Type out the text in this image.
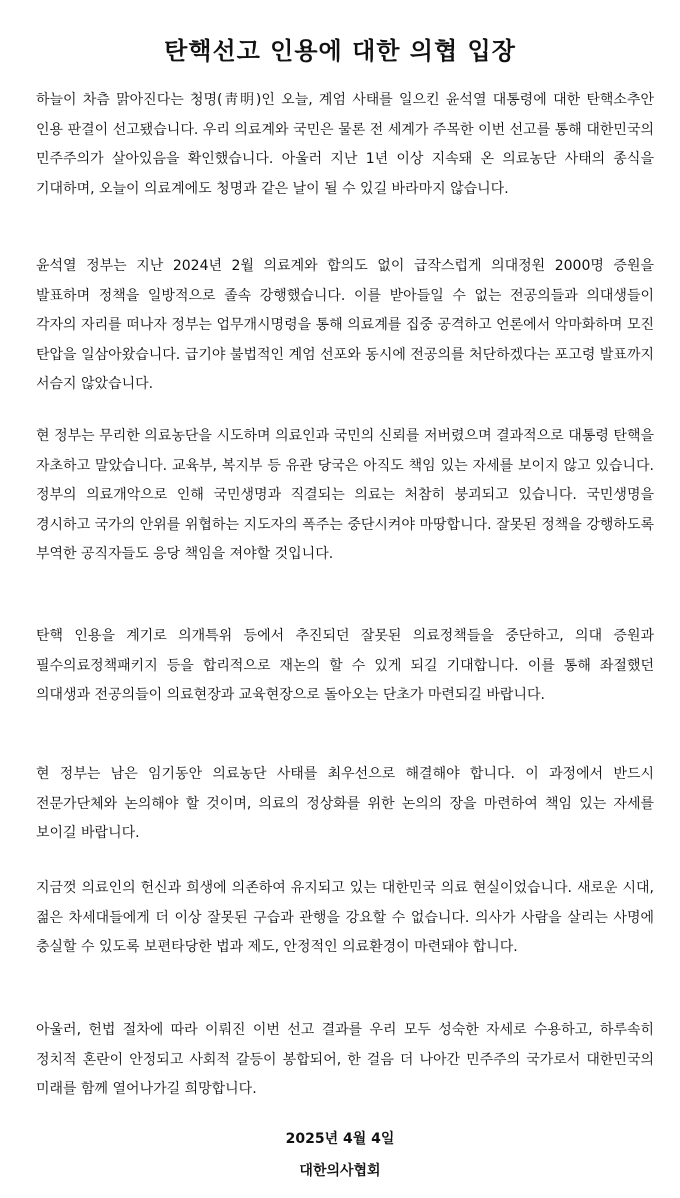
탄핵선고 인용에 대한 의협 입장

하늘이 차츰 맑아진다는 청명(靑明)인 오늘, 계엄 사태를 일으킨 윤석열 대통령에 대한 탄핵소추안 인용 판결이 선고됐습니다. 우리 의료계와 국민은 물론 전 세계가 주목한 이번 선고를 통해 대한민국의 민주주의가 살아있음을 확인했습니다. 아울러 지난 1년 이상 지속돼 온 의료농단 사태의 종식을 기대하며, 오늘이 의료계에도 청명과 같은 날이 될 수 있길 바라마지 않습니다.

윤석열 정부는 지난 2024년 2월 의료계와 합의도 없이 급작스럽게 의대정원 2000명 증원을 발표하며 정책을 일방적으로 졸속 강행했습니다. 이를 받아들일 수 없는 전공의들과 의대생들이 각자의 자리를 떠나자 정부는 업무개시명령을 통해 의료계를 집중 공격하고 언론에서 악마화하며 모진 탄압을 일삼아왔습니다. 급기야 불법적인 계엄 선포와 동시에 전공의를 처단하겠다는 포고령 발표까지 서슴지 않았습니다.

현 정부는 무리한 의료농단을 시도하며 의료인과 국민의 신뢰를 저버렸으며 결과적으로 대통령 탄핵을 자초하고 말았습니다. 교육부, 복지부 등 유관 당국은 아직도 책임 있는 자세를 보이지 않고 있습니다. 정부의 의료개악으로 인해 국민생명과 직결되는 의료는 처참히 붕괴되고 있습니다. 국민생명을 경시하고 국가의 안위를 위협하는 지도자의 폭주는 중단시켜야 마땅합니다. 잘못된 정책을 강행하도록 부역한 공직자들도 응당 책임을 져야할 것입니다.

탄핵 인용을 계기로 의개특위 등에서 추진되던 잘못된 의료정책들을 중단하고, 의대 증원과 필수의료정책패키지 등을 합리적으로 재논의 할 수 있게 되길 기대합니다. 이를 통해 좌절했던 의대생과 전공의들이 의료현장과 교육현장으로 돌아오는 단초가 마련되길 바랍니다.

현 정부는 남은 임기동안 의료농단 사태를 최우선으로 해결해야 합니다. 이 과정에서 반드시 전문가단체와 논의해야 할 것이며, 의료의 정상화를 위한 논의의 장을 마련하여 책임 있는 자세를 보이길 바랍니다.

지금껏 의료인의 헌신과 희생에 의존하여 유지되고 있는 대한민국 의료 현실이었습니다. 새로운 시대, 젊은 차세대들에게 더 이상 잘못된 구습과 관행을 강요할 수 없습니다. 의사가 사람을 살리는 사명에 충실할 수 있도록 보편타당한 법과 제도, 안정적인 의료환경이 마련돼야 합니다.

아울러, 헌법 절차에 따라 이뤄진 이번 선고 결과를 우리 모두 성숙한 자세로 수용하고, 하루속히 정치적 혼란이 안정되고 사회적 갈등이 봉합되어, 한 걸음 더 나아간 민주주의 국가로서 대한민국의 미래를 함께 열어나가길 희망합니다.

2025년 4월 4일
대한의사협회
